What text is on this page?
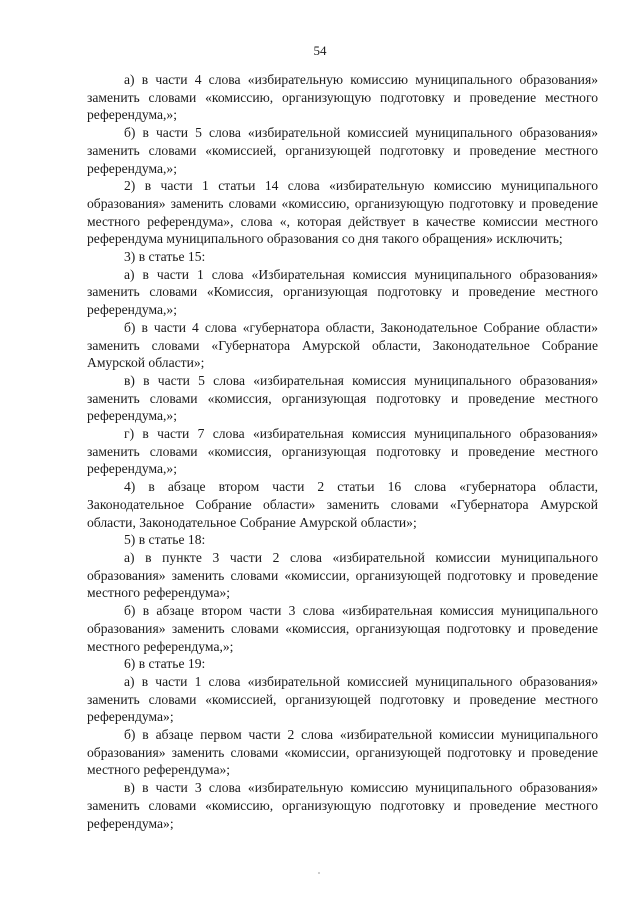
54

а) в части 4 слова «избирательную комиссию муниципального образования» заменить словами «комиссию, организующую подготовку и проведение местного референдума,»;

б) в части 5 слова «избирательной комиссией муниципального образования» заменить словами «комиссией, организующей подготовку и проведение местного референдума,»;

2) в части 1 статьи 14 слова «избирательную комиссию муниципального образования» заменить словами «комиссию, организующую подготовку и проведение местного референдума», слова «, которая действует в качестве комиссии местного референдума муниципального образования со дня такого обращения» исключить;

3) в статье 15:

а) в части 1 слова «Избирательная комиссия муниципального образования» заменить словами «Комиссия, организующая подготовку и проведение местного референдума,»;

б) в части 4 слова «губернатора области, Законодательное Собрание области» заменить словами «Губернатора Амурской области, Законодательное Собрание Амурской области»;

в) в части 5 слова «избирательная комиссия муниципального образования» заменить словами «комиссия, организующая подготовку и проведение местного референдума,»;

г) в части 7 слова «избирательная комиссия муниципального образования» заменить словами «комиссия, организующая подготовку и проведение местного референдума,»;

4) в абзаце втором части 2 статьи 16 слова «губернатора области, Законодательное Собрание области» заменить словами «Губернатора Амурской области, Законодательное Собрание Амурской области»;

5) в статье 18:

а) в пункте 3 части 2 слова «избирательной комиссии муниципального образования» заменить словами «комиссии, организующей подготовку и проведение местного референдума»;

б) в абзаце втором части 3 слова «избирательная комиссия муниципального образования» заменить словами «комиссия, организующая подготовку и проведение местного референдума,»;

6) в статье 19:

а) в части 1 слова «избирательной комиссией муниципального образования» заменить словами «комиссией, организующей подготовку и проведение местного референдума»;

б) в абзаце первом части 2 слова «избирательной комиссии муниципального образования» заменить словами «комиссии, организующей подготовку и проведение местного референдума»;

в) в части 3 слова «избирательную комиссию муниципального образования» заменить словами «комиссию, организующую подготовку и проведение местного референдума»;
